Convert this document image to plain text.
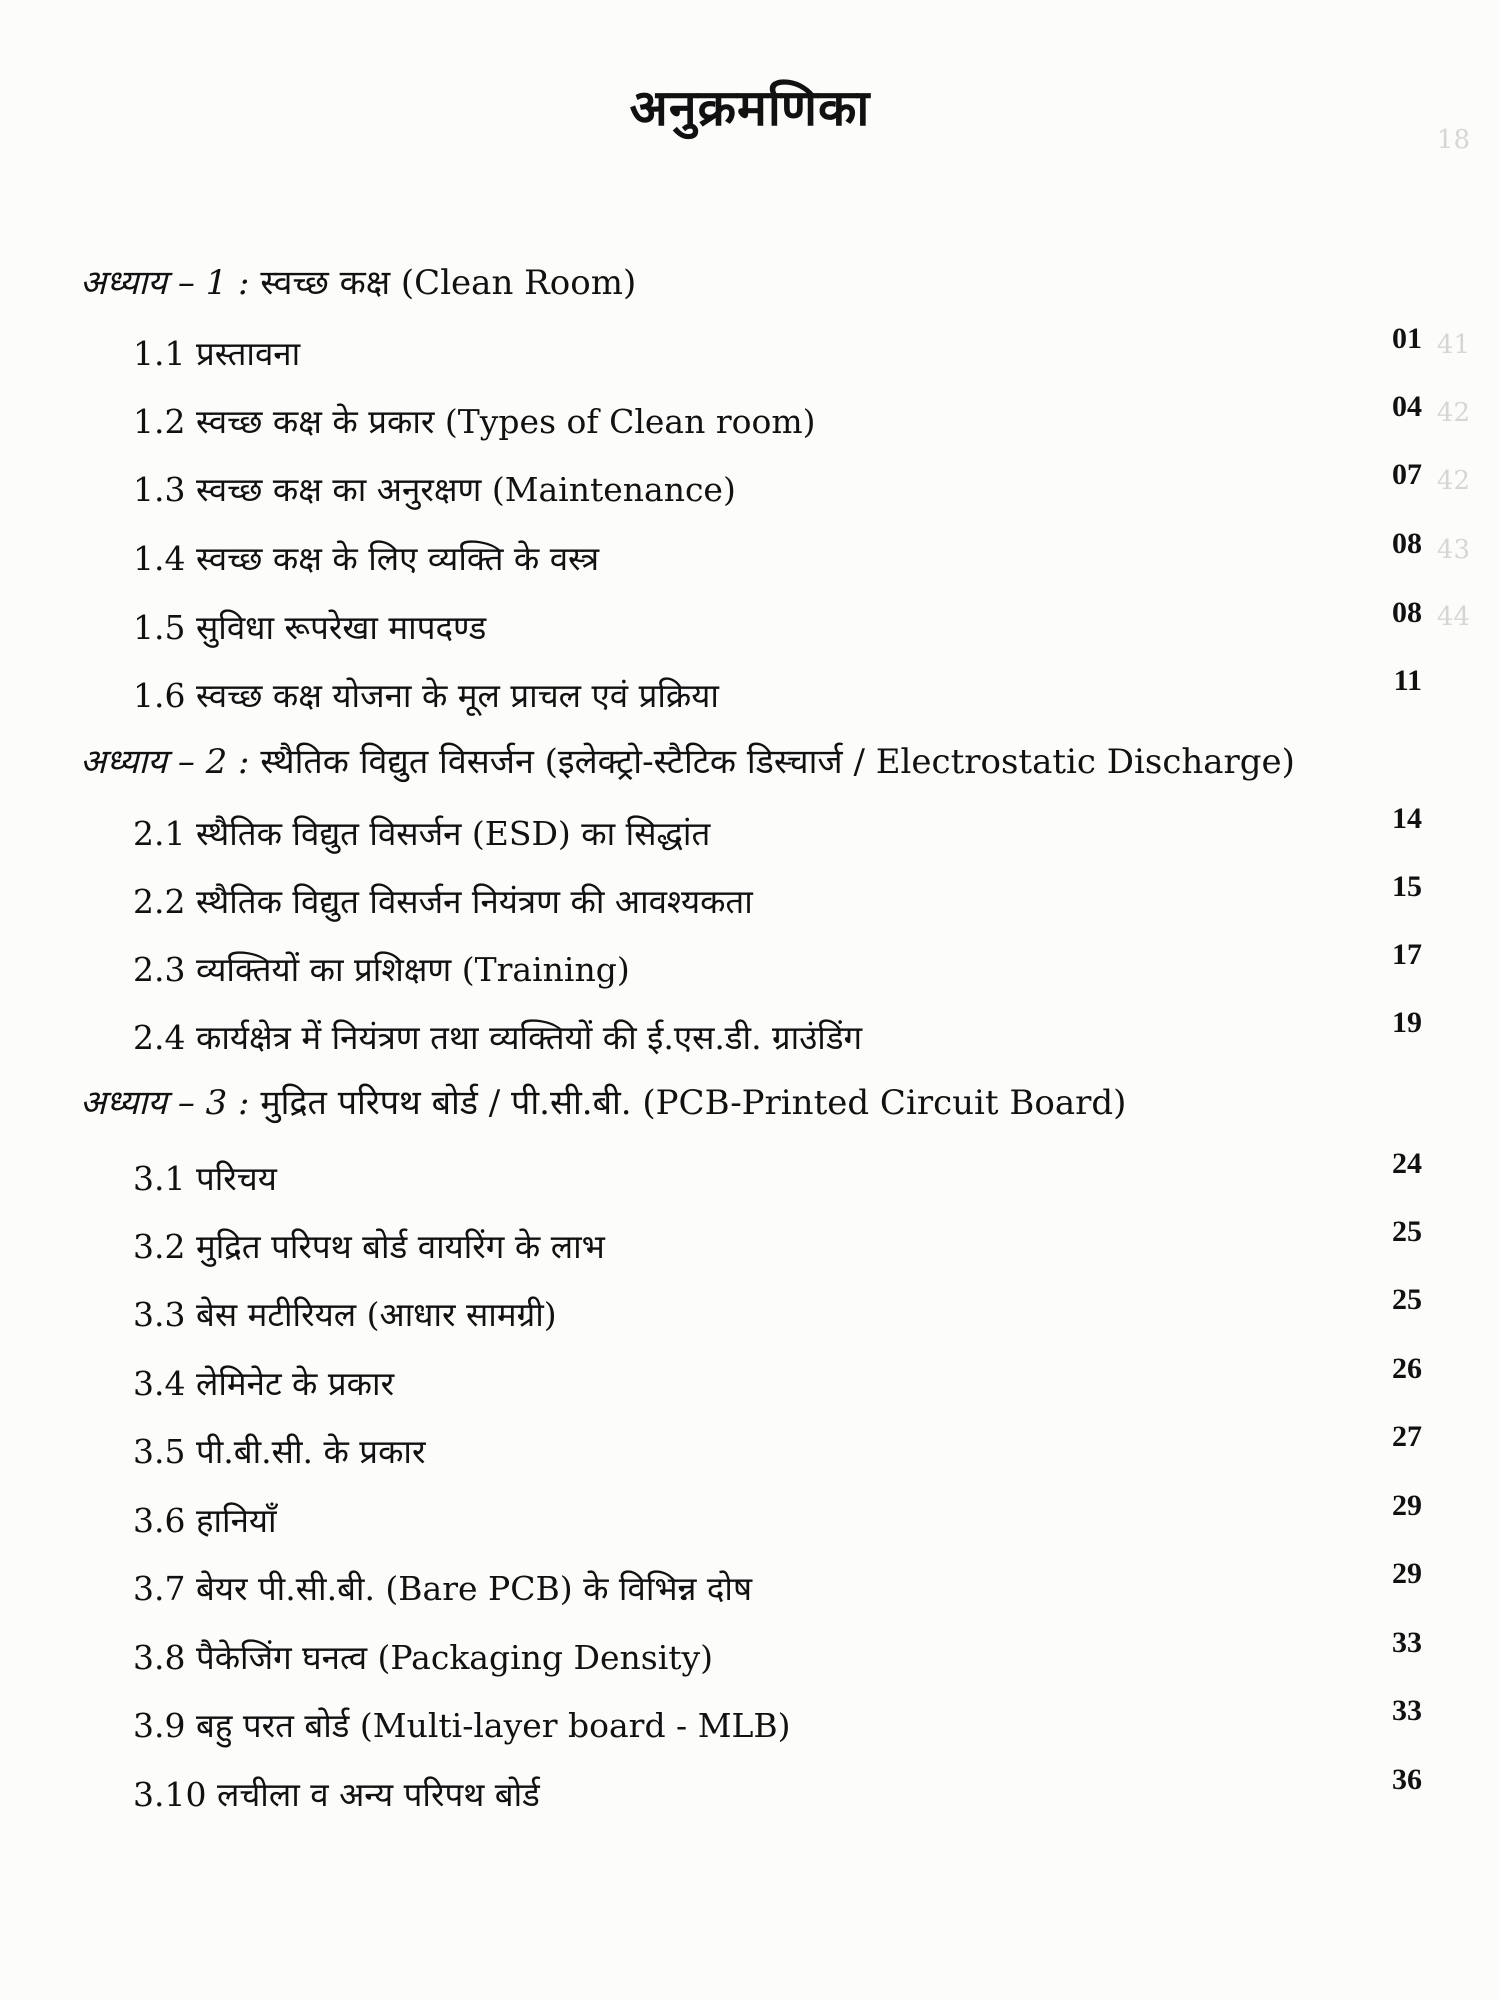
अनुक्रमणिका
18
41
42
42
43
44
अध्याय – 1 : स्वच्छ कक्ष (Clean Room)
1.1 प्रस्तावना	01
1.2 स्वच्छ कक्ष के प्रकार (Types of Clean room)	04
1.3 स्वच्छ कक्ष का अनुरक्षण (Maintenance)	07
1.4 स्वच्छ कक्ष के लिए व्यक्ति के वस्त्र	08
1.5 सुविधा रूपरेखा मापदण्ड	08
1.6 स्वच्छ कक्ष योजना के मूल प्राचल एवं प्रक्रिया	11
अध्याय – 2 : स्थैतिक विद्युत विसर्जन (इलेक्ट्रो-स्टैटिक डिस्चार्ज / Electrostatic Discharge)
2.1 स्थैतिक विद्युत विसर्जन (ESD) का सिद्धांत	14
2.2 स्थैतिक विद्युत विसर्जन नियंत्रण की आवश्यकता	15
2.3 व्यक्तियों का प्रशिक्षण (Training)	17
2.4 कार्यक्षेत्र में नियंत्रण तथा व्यक्तियों की ई.एस.डी. ग्राउंडिंग	19
अध्याय – 3 : मुद्रित परिपथ बोर्ड / पी.सी.बी. (PCB-Printed Circuit Board)
3.1 परिचय	24
3.2 मुद्रित परिपथ बोर्ड वायरिंग के लाभ	25
3.3 बेस मटीरियल (आधार सामग्री)	25
3.4 लेमिनेट के प्रकार	26
3.5 पी.बी.सी. के प्रकार	27
3.6 हानियाँ	29
3.7 बेयर पी.सी.बी. (Bare PCB) के विभिन्न दोष	29
3.8 पैकेजिंग घनत्व (Packaging Density)	33
3.9 बहु परत बोर्ड (Multi-layer board - MLB)	33
3.10 लचीला व अन्य परिपथ बोर्ड	36
